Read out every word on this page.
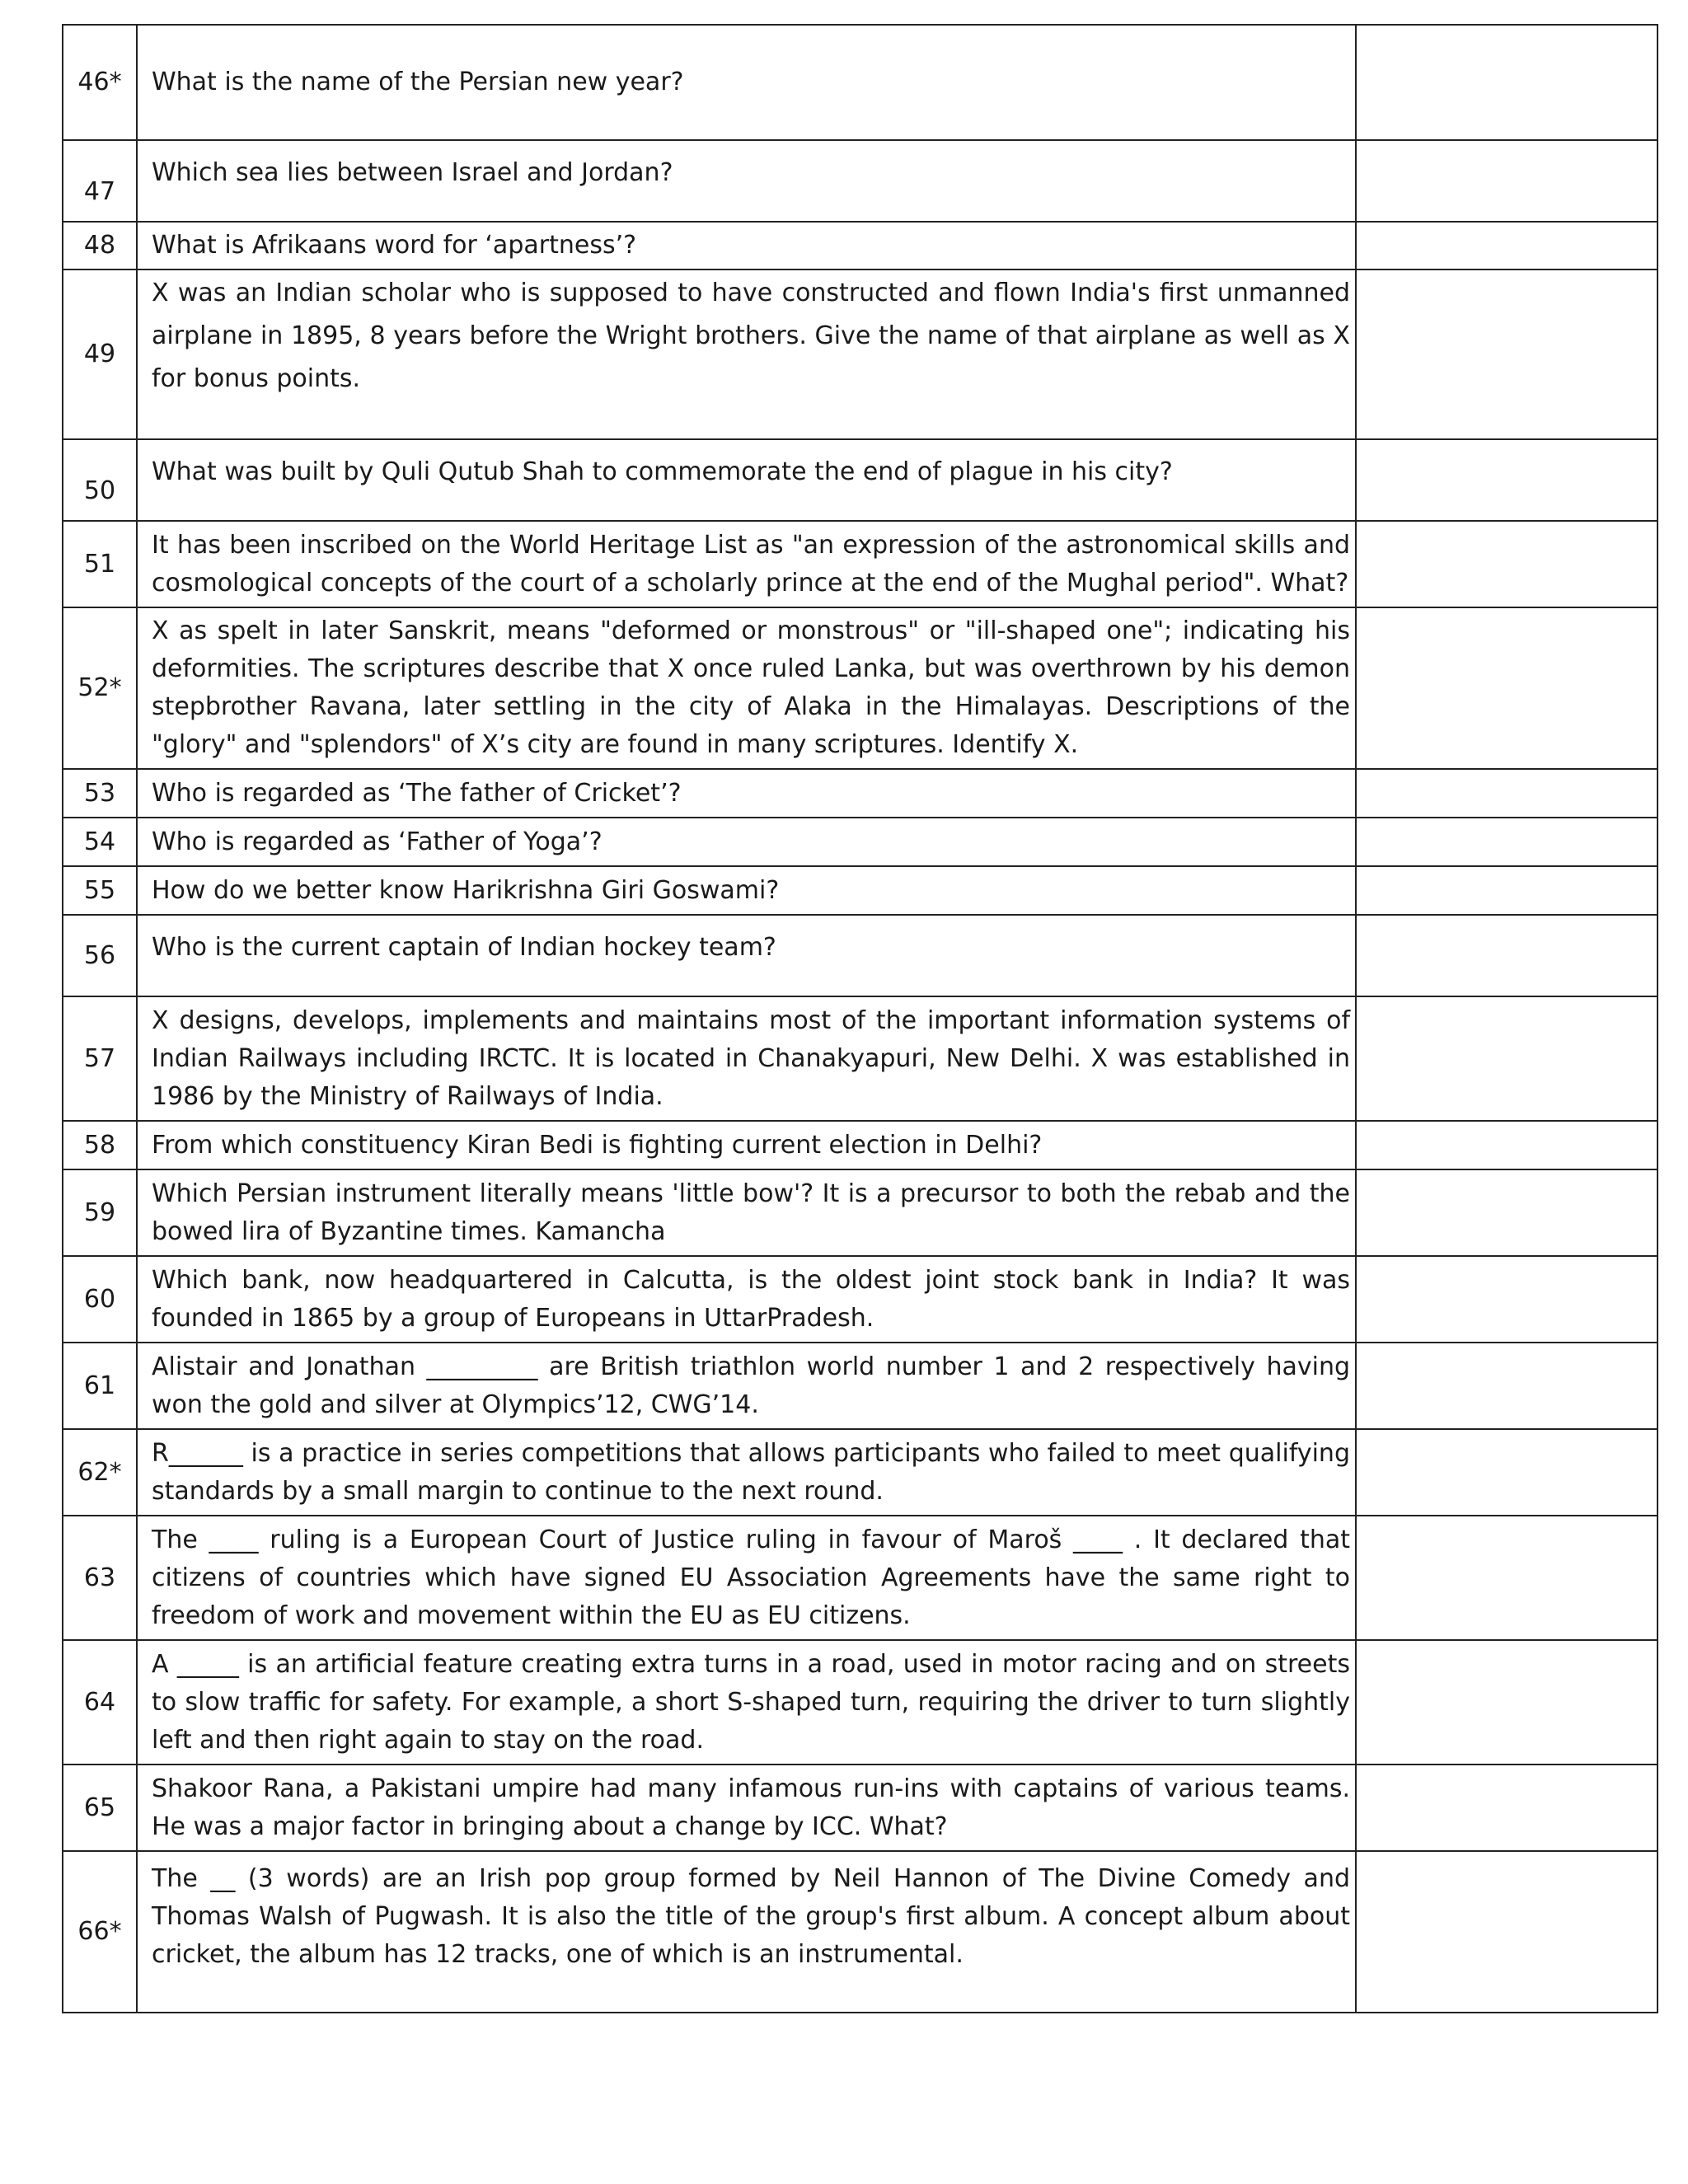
46*	What is the name of the Persian new year?	
47	Which sea lies between Israel and Jordan?	
48	What is Afrikaans word for ‘apartness’?	
49	X was an Indian scholar who is supposed to have constructed and flown India's first unmanned airplane in 1895, 8 years before the Wright brothers. Give the name of that airplane as well as X for bonus points.	
50	What was built by Quli Qutub Shah to commemorate the end of plague in his city?	
51	It has been inscribed on the World Heritage List as "an expression of the astronomical skills and cosmological concepts of the court of a scholarly prince at the end of the Mughal period". What?	
52*	X as spelt in later Sanskrit, means "deformed or monstrous" or "ill-shaped one"; indicating his deformities. The scriptures describe that X once ruled Lanka, but was overthrown by his demon stepbrother Ravana, later settling in the city of Alaka in the Himalayas. Descriptions of the "glory" and "splendors" of X’s city are found in many scriptures. Identify X.	
53	Who is regarded as ‘The father of Cricket’?	
54	Who is regarded as ‘Father of Yoga’?	
55	How do we better know Harikrishna Giri Goswami?	
56	Who is the current captain of Indian hockey team?	
57	X designs, develops, implements and maintains most of the important information systems of Indian Railways including IRCTC. It is located in Chanakyapuri, New Delhi. X was established in 1986 by the Ministry of Railways of India.	
58	From which constituency Kiran Bedi is fighting current election in Delhi?	
59	Which Persian instrument literally means 'little bow'? It is a precursor to both the rebab and the bowed lira of Byzantine times. Kamancha	
60	Which bank, now headquartered in Calcutta, is the oldest joint stock bank in India? It was founded in 1865 by a group of Europeans in UttarPradesh.	
61	Alistair and Jonathan _________ are British triathlon world number 1 and 2 respectively having won the gold and silver at Olympics’12, CWG’14.	
62*	R______ is a practice in series competitions that allows participants who failed to meet qualifying standards by a small margin to continue to the next round.	
63	The ____ ruling is a European Court of Justice ruling in favour of Maroš ____ . It declared that citizens of countries which have signed EU Association Agreements have the same right to freedom of work and movement within the EU as EU citizens.	
64	A _____ is an artificial feature creating extra turns in a road, used in motor racing and on streets to slow traffic for safety. For example, a short S-shaped turn, requiring the driver to turn slightly left and then right again to stay on the road.	
65	Shakoor Rana, a Pakistani umpire had many infamous run-ins with captains of various teams. He was a major factor in bringing about a change by ICC. What?	
66*	The __ (3 words) are an Irish pop group formed by Neil Hannon of The Divine Comedy and Thomas Walsh of Pugwash. It is also the title of the group's first album. A concept album about cricket, the album has 12 tracks, one of which is an instrumental.	
